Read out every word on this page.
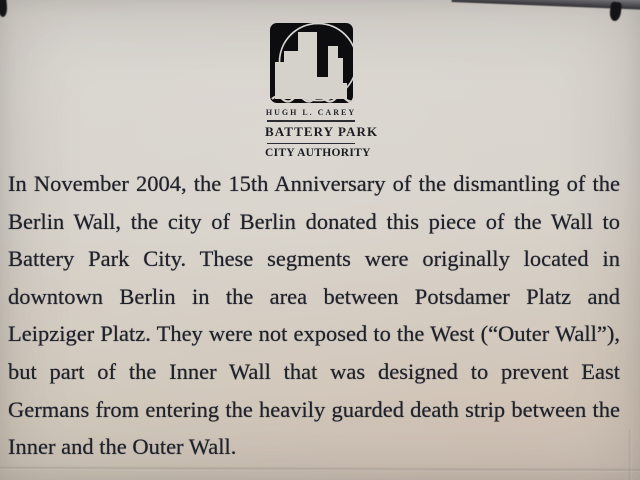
HUGH L. CAREY
BATTERY PARK
CITY AUTHORITY
In November 2004, the 15th Anniversary of the dismantling of the
Berlin Wall, the city of Berlin donated this piece of the Wall to
Battery Park City. These segments were originally located in
downtown Berlin in the area between Potsdamer Platz and
Leipziger Platz. They were not exposed to the West (“Outer Wall”),
but part of the Inner Wall that was designed to prevent East
Germans from entering the heavily guarded death strip between the
Inner and the Outer Wall.
